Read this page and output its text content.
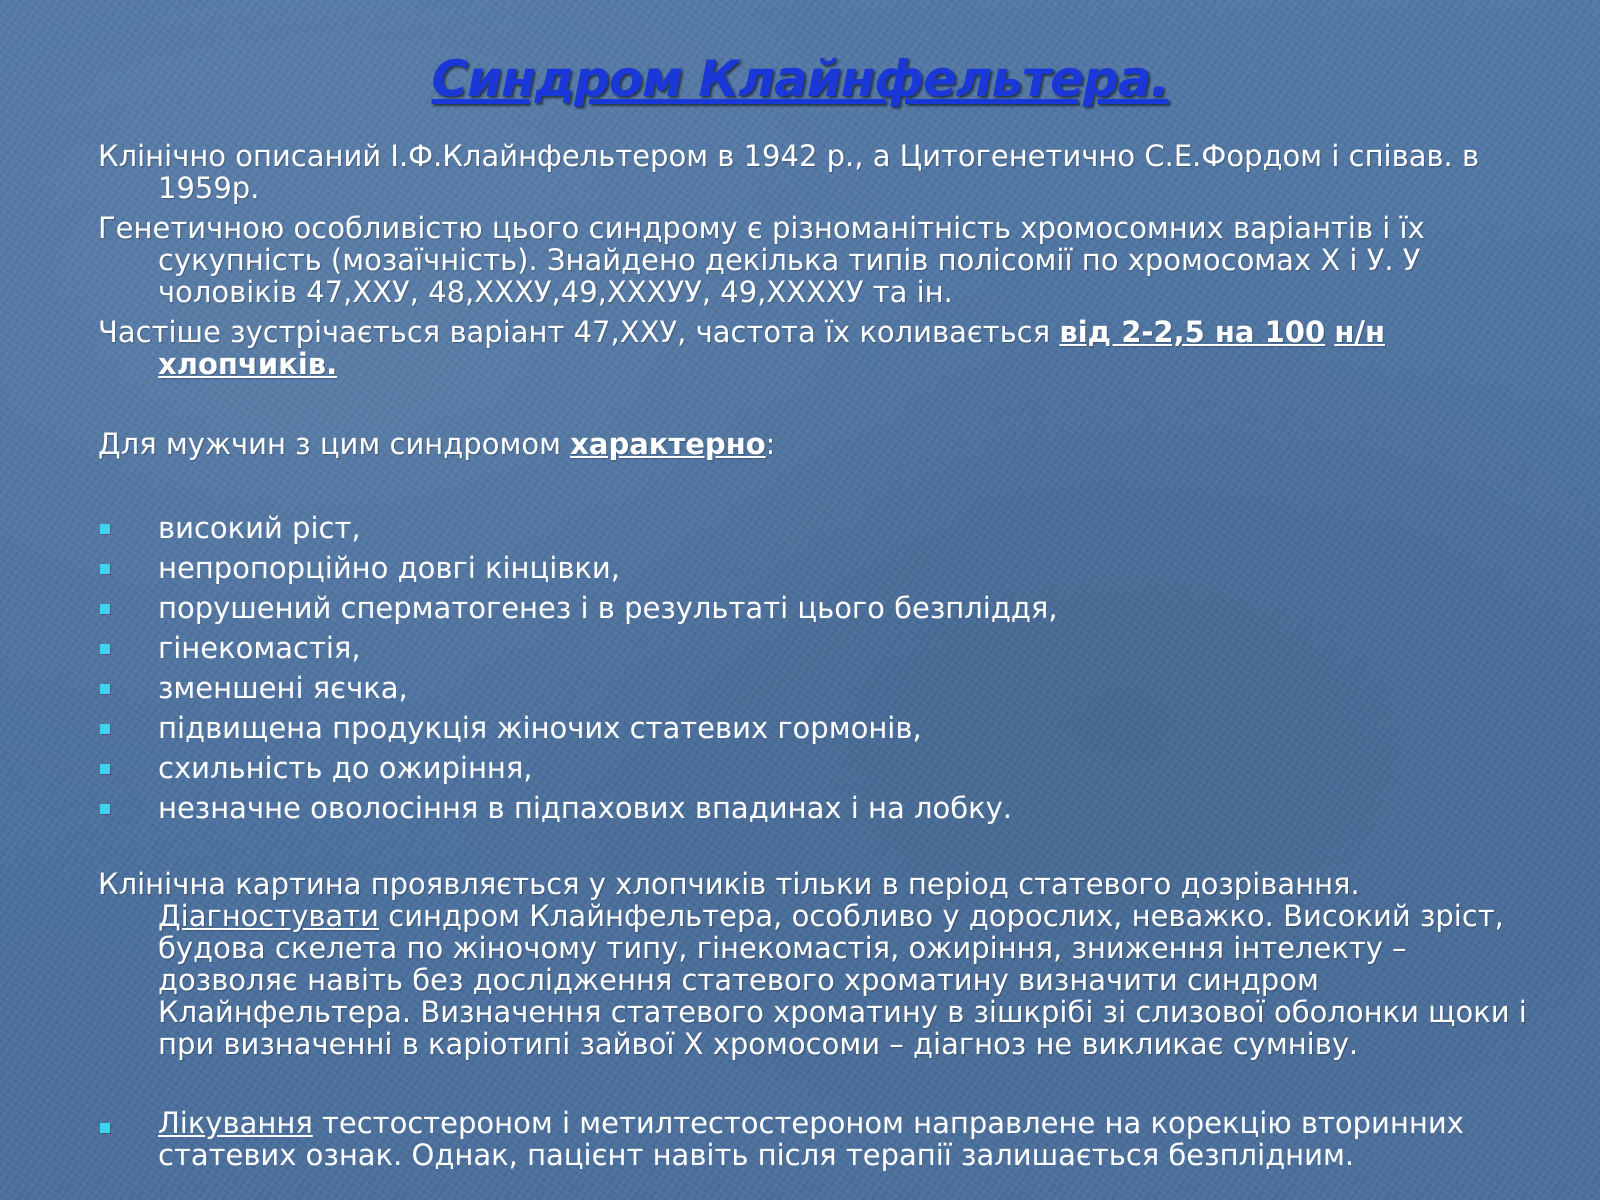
Синдром Клайнфельтера.
Клінічно описаний І.Ф.Клайнфельтером в 1942 р., а Цитогенетично С.Е.Фордом і співав. в
1959р.
Генетичною особливістю цього синдрому є різноманітність хромосомних варіантів і їх
сукупність (мозаїчність). Знайдено декілька типів полісомії по хромосомах Х і У. У
чоловіків 47,ХХУ, 48,ХХХУ,49,ХХХУУ, 49,ХХХХУ та ін.
Частіше зустрічається варіант 47,ХХУ, частота їх коливається від 2-2,5 на 100 н/н
хлопчиків.
Для мужчин з цим синдромом характерно:
високий ріст,
непропорційно довгі кінцівки,
порушений сперматогенез і в результаті цього безпліддя,
гінекомастія,
зменшені яєчка,
підвищена продукція жіночих статевих гормонів,
схильність до ожиріння,
незначне оволосіння в підпахових впадинах і на лобку.
Клінічна картина проявляється у хлопчиків тільки в період статевого дозрівання.
Діагностувати синдром Клайнфельтера, особливо у дорослих, неважко. Високий зріст,
будова скелета по жіночому типу, гінекомастія, ожиріння, зниження інтелекту –
дозволяє навіть без дослідження статевого хроматину визначити синдром
Клайнфельтера. Визначення статевого хроматину в зішкрібі зі слизової оболонки щоки і
при визначенні в каріотипі зайвої Х хромосоми – діагноз не викликає сумніву.
Лікування тестостероном і метилтестостероном направлене на корекцію вторинних
статевих ознак. Однак, пацієнт навіть після терапії залишається безплідним.
